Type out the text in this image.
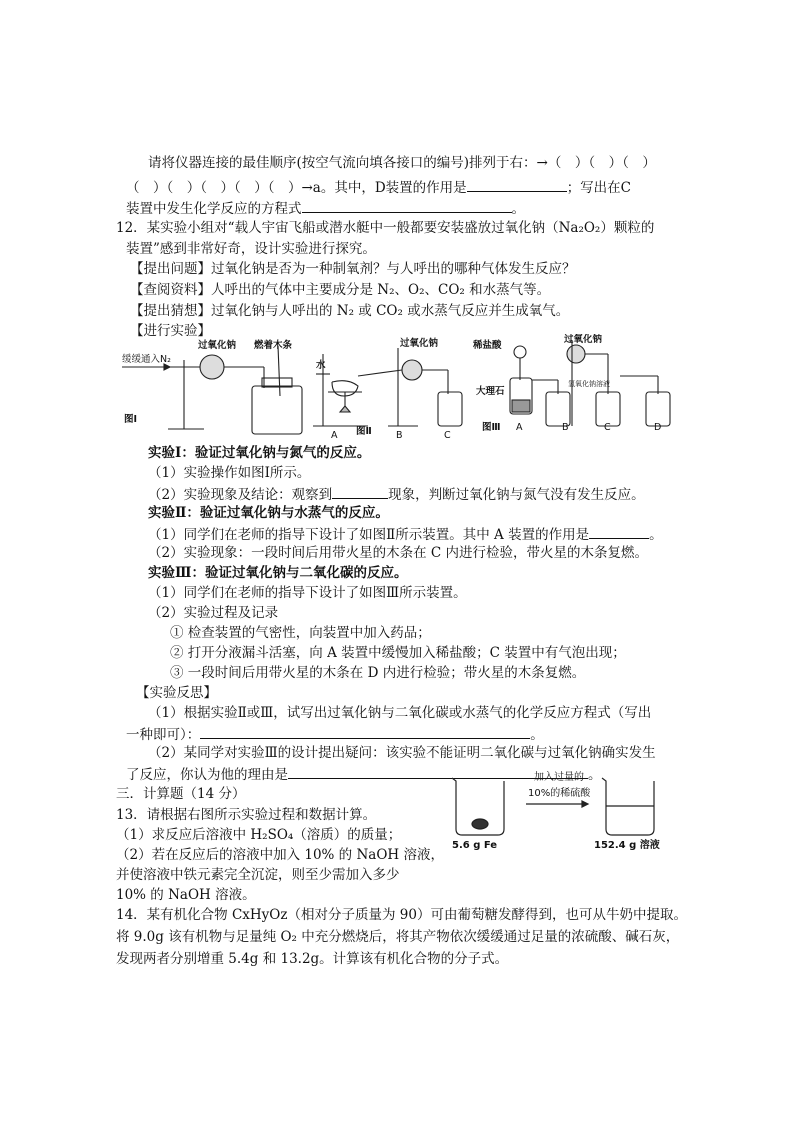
请将仪器连接的最佳顺序(按空气流向填各接口的编号)排列于右：→（　）（　）（　）
（　）（　）（　）（　）（　）→a。其中，D装置的作用是	；写出在C
装置中发生化学反应的方程式	。
12．某实验小组对“载人宇宙飞船或潜水艇中一般都要安装盛放过氧化钠（Na₂O₂）颗粒的
装置”感到非常好奇，设计实验进行探究。
【提出问题】过氧化钠是否为一种制氧剂？与人呼出的哪种气体发生反应？
【查阅资料】人呼出的气体中主要成分是 N₂、O₂、CO₂ 和水蒸气等。
【提出猜想】过氧化钠与人呼出的 N₂ 或 CO₂ 或水蒸气反应并生成氧气。
【进行实验】
缓缓通入N₂
过氧化钠 燃着木条
图Ⅰ
水
过氧化钠
A 图Ⅱ	B	C
稀盐酸
过氧化钠
大理石
氢氧化钠溶液
图Ⅲ A	B	C	D
实验Ⅰ：验证过氧化钠与氮气的反应。
（1）实验操作如图Ⅰ所示。
（2）实验现象及结论：观察到	现象，判断过氧化钠与氮气没有发生反应。
实验Ⅱ：验证过氧化钠与水蒸气的反应。
（1）同学们在老师的指导下设计了如图Ⅱ所示装置。其中 A 装置的作用是	。
（2）实验现象：一段时间后用带火星的木条在 C 内进行检验，带火星的木条复燃。
实验Ⅲ：验证过氧化钠与二氧化碳的反应。
（1）同学们在老师的指导下设计了如图Ⅲ所示装置。
（2）实验过程及记录
① 检查装置的气密性，向装置中加入药品；
② 打开分液漏斗活塞，向 A 装置中缓慢加入稀盐酸；C 装置中有气泡出现；
③ 一段时间后用带火星的木条在 D 内进行检验；带火星的木条复燃。
【实验反思】
（1）根据实验Ⅱ或Ⅲ，试写出过氧化钠与二氧化碳或水蒸气的化学反应方程式（写出
一种即可）：	。
（2）某同学对实验Ⅲ的设计提出疑问：该实验不能证明二氧化碳与过氧化钠确实发生
了反应，你认为他的理由是	。
三．计算题（14 分）
13．请根据右图所示实验过程和数据计算。
（1）求反应后溶液中 H₂SO₄（溶质）的质量；
（2）若在反应后的溶液中加入 10% 的 NaOH 溶液，
并使溶液中铁元素完全沉淀，则至少需加入多少
10% 的 NaOH 溶液。
加入过量的
10%的稀硫酸
5.6 g Fe	152.4 g 溶液
14．某有机化合物 CxHyOz（相对分子质量为 90）可由葡萄糖发酵得到，也可从牛奶中提取。
将 9.0g 该有机物与足量纯 O₂ 中充分燃烧后，将其产物依次缓缓通过足量的浓硫酸、碱石灰，
发现两者分别增重 5.4g 和 13.2g。计算该有机化合物的分子式。
